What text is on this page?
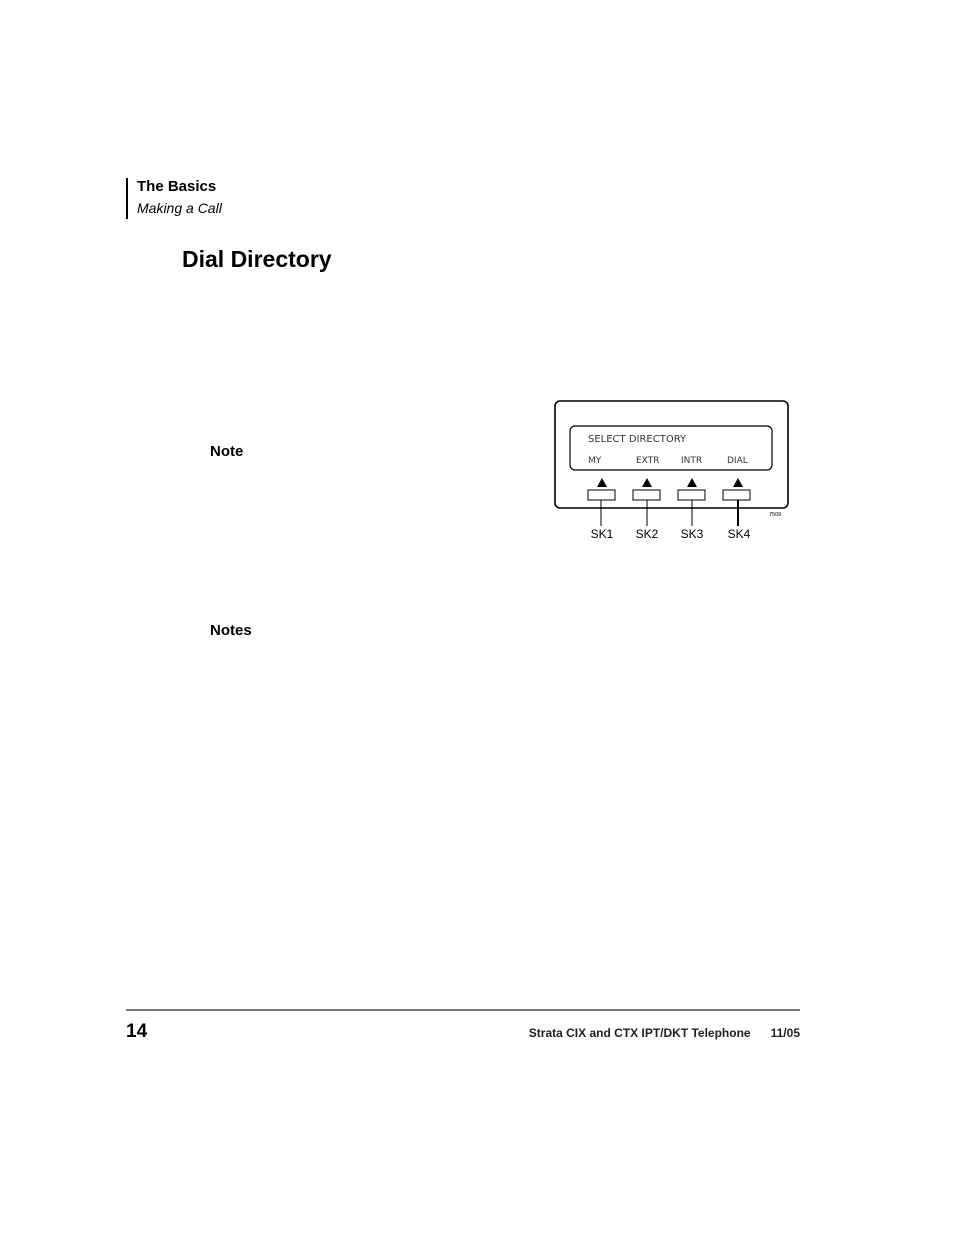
The Basics
Making a Call
Dial Directory
Note
Notes
SELECT DIRECTORY
MY	EXTR INTR	DIAL
SK1 SK2 SK3 SK4
7509
14	Strata CIX and CTX IPT/DKT Telephone 11/05
